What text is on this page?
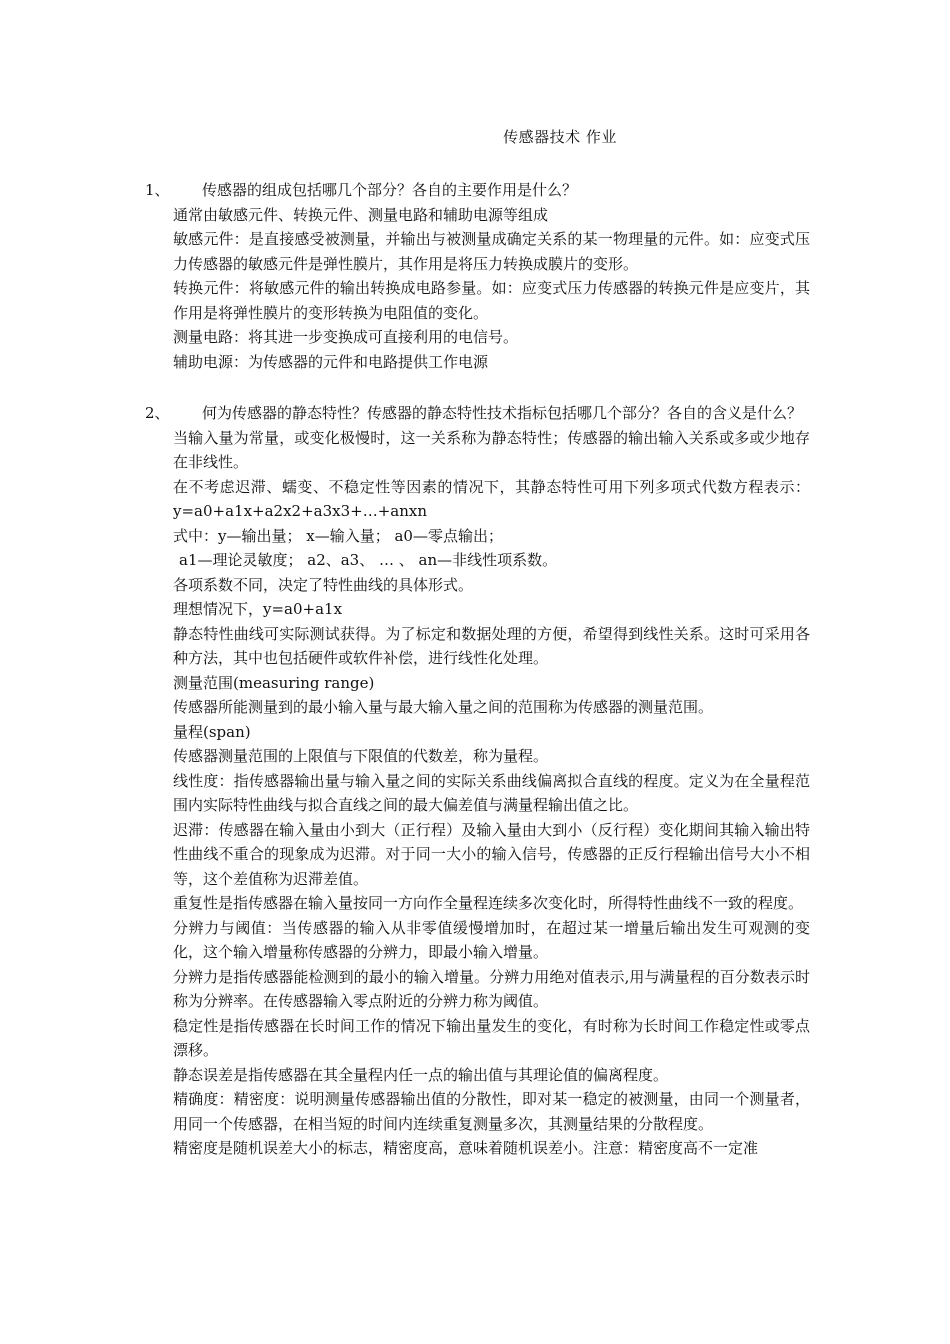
传感器技术 作业
1、	传感器的组成包括哪几个部分？各自的主要作用是什么？

通常由敏感元件、转换元件、测量电路和辅助电源等组成

敏感元件：是直接感受被测量，并输出与被测量成确定关系的某一物理量的元件。如：应变式压力传感器的敏感元件是弹性膜片，其作用是将压力转换成膜片的变形。

转换元件：将敏感元件的输出转换成电路参量。如：应变式压力传感器的转换元件是应变片，其作用是将弹性膜片的变形转换为电阻值的变化。

测量电路：将其进一步变换成可直接利用的电信号。

辅助电源：为传感器的元件和电路提供工作电源

2、	何为传感器的静态特性？传感器的静态特性技术指标包括哪几个部分？各自的含义是什么？

当输入量为常量，或变化极慢时，这一关系称为静态特性；传感器的输出输入关系或多或少地存在非线性。

在不考虑迟滞、蠕变、不稳定性等因素的情况下，其静态特性可用下列多项式代数方程表示：y=a0+a1x+a2x2+a3x3+…+anxn

式中：y—输出量； x—输入量； a0—零点输出；

a1—理论灵敏度； a2、a3、 … 、 an—非线性项系数。

各项系数不同，决定了特性曲线的具体形式。

理想情况下，y=a0+a1x

静态特性曲线可实际测试获得。为了标定和数据处理的方便，希望得到线性关系。这时可采用各种方法，其中也包括硬件或软件补偿，进行线性化处理。

测量范围(measuring range)

传感器所能测量到的最小输入量与最大输入量之间的范围称为传感器的测量范围。

量程(span)

传感器测量范围的上限值与下限值的代数差，称为量程。

线性度：指传感器输出量与输入量之间的实际关系曲线偏离拟合直线的程度。定义为在全量程范围内实际特性曲线与拟合直线之间的最大偏差值与满量程输出值之比。

迟滞：传感器在输入量由小到大（正行程）及输入量由大到小（反行程）变化期间其输入输出特性曲线不重合的现象成为迟滞。对于同一大小的输入信号，传感器的正反行程输出信号大小不相等，这个差值称为迟滞差值。

重复性是指传感器在输入量按同一方向作全量程连续多次变化时，所得特性曲线不一致的程度。

分辨力与阈值：当传感器的输入从非零值缓慢增加时，在超过某一增量后输出发生可观测的变化，这个输入增量称传感器的分辨力，即最小输入增量。

分辨力是指传感器能检测到的最小的输入增量。分辨力用绝对值表示,用与满量程的百分数表示时称为分辨率。在传感器输入零点附近的分辨力称为阈值。

稳定性是指传感器在长时间工作的情况下输出量发生的变化，有时称为长时间工作稳定性或零点漂移。

静态误差是指传感器在其全量程内任一点的输出值与其理论值的偏离程度。

精确度：精密度：说明测量传感器输出值的分散性，即对某一稳定的被测量，由同一个测量者，用同一个传感器，在相当短的时间内连续重复测量多次，其测量结果的分散程度。

精密度是随机误差大小的标志，精密度高，意味着随机误差小。注意：精密度高不一定准
